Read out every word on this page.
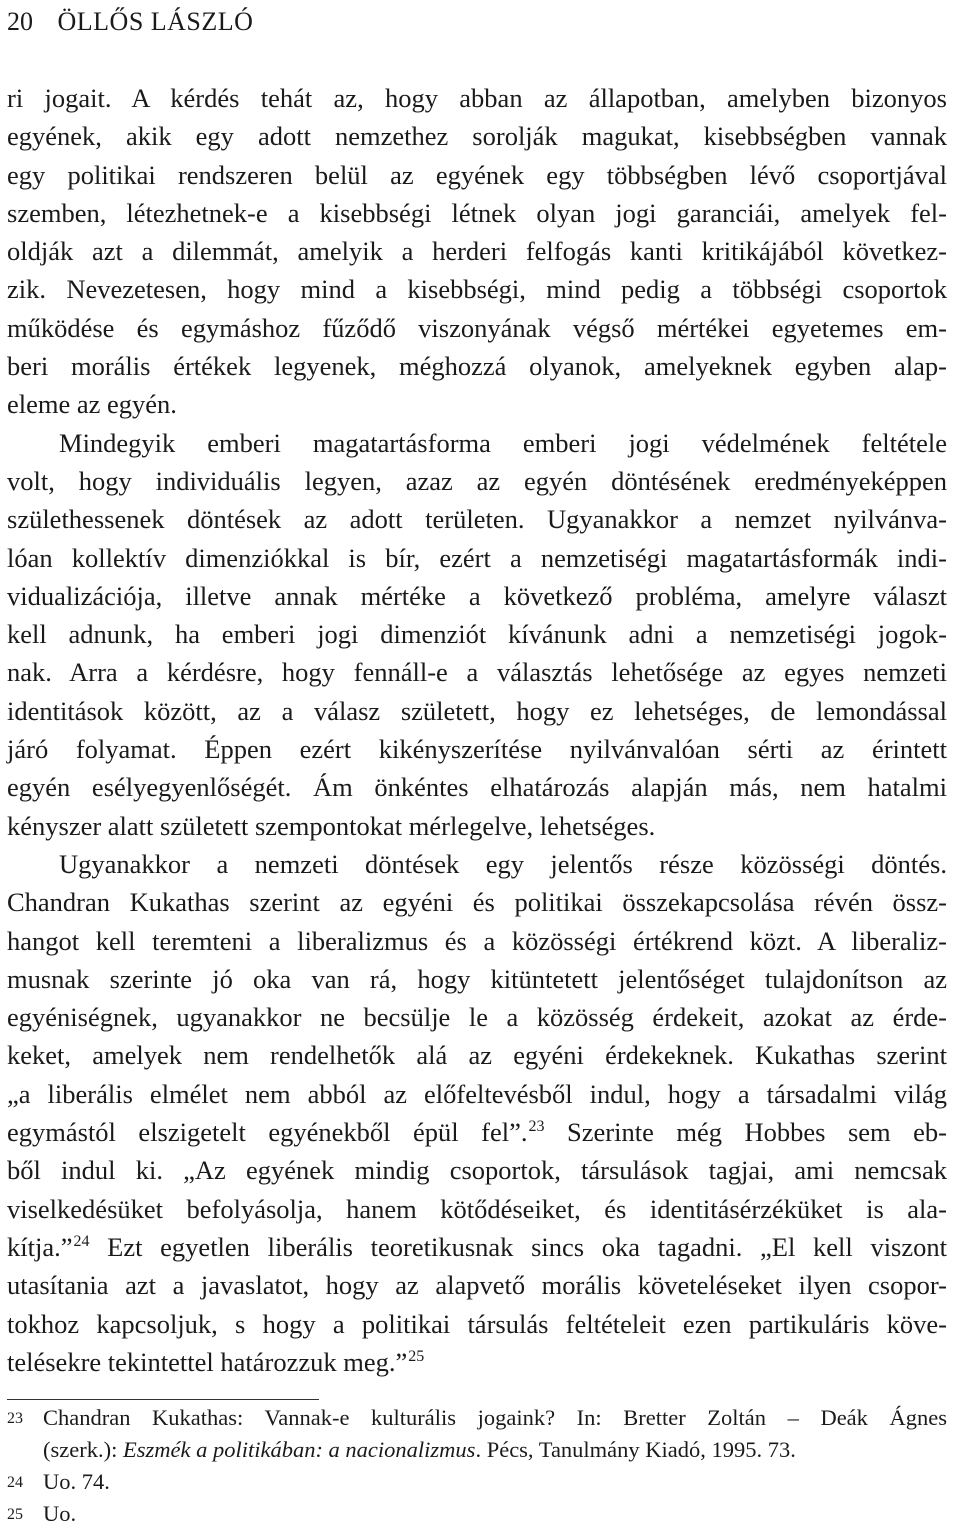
20 ÖLLŐS LÁSZLÓ
ri jogait. A kérdés tehát az, hogy abban az állapotban, amelyben bizonyos
egyének, akik egy adott nemzethez sorolják magukat, kisebbségben vannak
egy politikai rendszeren belül az egyének egy többségben lévő csoportjával
szemben, létezhetnek-e a kisebbségi létnek olyan jogi garanciái, amelyek fel-
oldják azt a dilemmát, amelyik a herderi felfogás kanti kritikájából következ-
zik. Nevezetesen, hogy mind a kisebbségi, mind pedig a többségi csoportok
működése és egymáshoz fűződő viszonyának végső mértékei egyetemes em-
beri morális értékek legyenek, méghozzá olyanok, amelyeknek egyben alap-
eleme az egyén.
Mindegyik emberi magatartásforma emberi jogi védelmének feltétele
volt, hogy individuális legyen, azaz az egyén döntésének eredményeképpen
születhessenek döntések az adott területen. Ugyanakkor a nemzet nyilvánva-
lóan kollektív dimenziókkal is bír, ezért a nemzetiségi magatartásformák indi-
vidualizációja, illetve annak mértéke a következő probléma, amelyre választ
kell adnunk, ha emberi jogi dimenziót kívánunk adni a nemzetiségi jogok-
nak. Arra a kérdésre, hogy fennáll-e a választás lehetősége az egyes nemzeti
identitások között, az a válasz született, hogy ez lehetséges, de lemondással
járó folyamat. Éppen ezért kikényszerítése nyilvánvalóan sérti az érintett
egyén esélyegyenlőségét. Ám önkéntes elhatározás alapján más, nem hatalmi
kényszer alatt született szempontokat mérlegelve, lehetséges.
Ugyanakkor a nemzeti döntések egy jelentős része közösségi döntés.
Chandran Kukathas szerint az egyéni és politikai összekapcsolása révén össz-
hangot kell teremteni a liberalizmus és a közösségi értékrend közt. A liberaliz-
musnak szerinte jó oka van rá, hogy kitüntetett jelentőséget tulajdonítson az
egyéniségnek, ugyanakkor ne becsülje le a közösség érdekeit, azokat az érde-
keket, amelyek nem rendelhetők alá az egyéni érdekeknek. Kukathas szerint
„a liberális elmélet nem abból az előfeltevésből indul, hogy a társadalmi világ
egymástól elszigetelt egyénekből épül fel”.$^{23}$ Szerinte még Hobbes sem eb-
ből indul ki. „Az egyének mindig csoportok, társulások tagjai, ami nemcsak
viselkedésüket befolyásolja, hanem kötődéseiket, és identitásérzéküket is ala-
kítja.”$^{24}$ Ezt egyetlen liberális teoretikusnak sincs oka tagadni. „El kell viszont
utasítania azt a javaslatot, hogy az alapvető morális követeléseket ilyen csopor-
tokhoz kapcsoljuk, s hogy a politikai társulás feltételeit ezen partikuláris köve-
telésekre tekintettel határozzuk meg.”$^{25}$
23 Chandran Kukathas: Vannak-e kulturális jogaink? In: Bretter Zoltán – Deák Ágnes
(szerk.): Eszmék a politikában: a nacionalizmus. Pécs, Tanulmány Kiadó, 1995. 73.
24 Uo. 74.
25 Uo.
